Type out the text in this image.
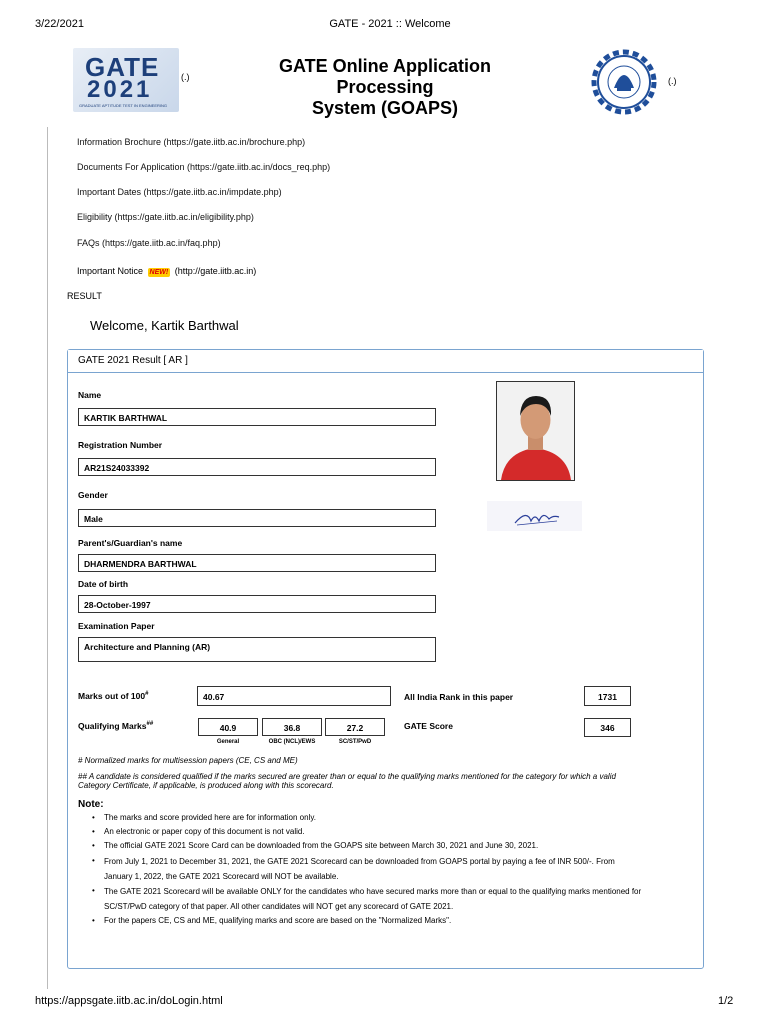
3/22/2021	GATE - 2021 :: Welcome
GATE
2021
GRADUATE APTITUDE TEST IN ENGINEERING
(.)
GATE Online Application
Processing
System (GOAPS)
(.)
Information Brochure (https://gate.iitb.ac.in/brochure.php)
Documents For Application (https://gate.iitb.ac.in/docs_req.php)
Important Dates (https://gate.iitb.ac.in/impdate.php)
Eligibility (https://gate.iitb.ac.in/eligibility.php)
FAQs (https://gate.iitb.ac.in/faq.php)
Important Notice NEW! (http://gate.iitb.ac.in)
RESULT
Welcome, Kartik Barthwal
GATE 2021 Result [ AR ]
Name
KARTIK BARTHWAL
Registration Number
AR21S24033392
Gender
Male
Parent's/Guardian's name
DHARMENDRA BARTHWAL
Date of birth
28-October-1997
Examination Paper
Architecture and Planning (AR)
Marks out of 100#	40.67	All India Rank in this paper	1731
Qualifying Marks##	40.9	36.8	27.2
General	OBC (NCL)/EWS	SC/ST/PwD
GATE Score	346
# Normalized marks for multisession papers (CE, CS and ME)
## A candidate is considered qualified if the marks secured are greater than or equal to the qualifying marks mentioned for the category for which a valid Category Certificate, if applicable, is produced along with this scorecard.
Note:
• The marks and score provided here are for information only.
• An electronic or paper copy of this document is not valid.
• The official GATE 2021 Score Card can be downloaded from the GOAPS site between March 30, 2021 and June 30, 2021.
• From July 1, 2021 to December 31, 2021, the GATE 2021 Scorecard can be downloaded from GOAPS portal by paying a fee of INR 500/-. From January 1, 2022, the GATE 2021 Scorecard will NOT be available.
• The GATE 2021 Scorecard will be available ONLY for the candidates who have secured marks more than or equal to the qualifying marks mentioned for SC/ST/PwD category of that paper. All other candidates will NOT get any scorecard of GATE 2021.
• For the papers CE, CS and ME, qualifying marks and score are based on the "Normalized Marks".
https://appsgate.iitb.ac.in/doLogin.html	1/2
